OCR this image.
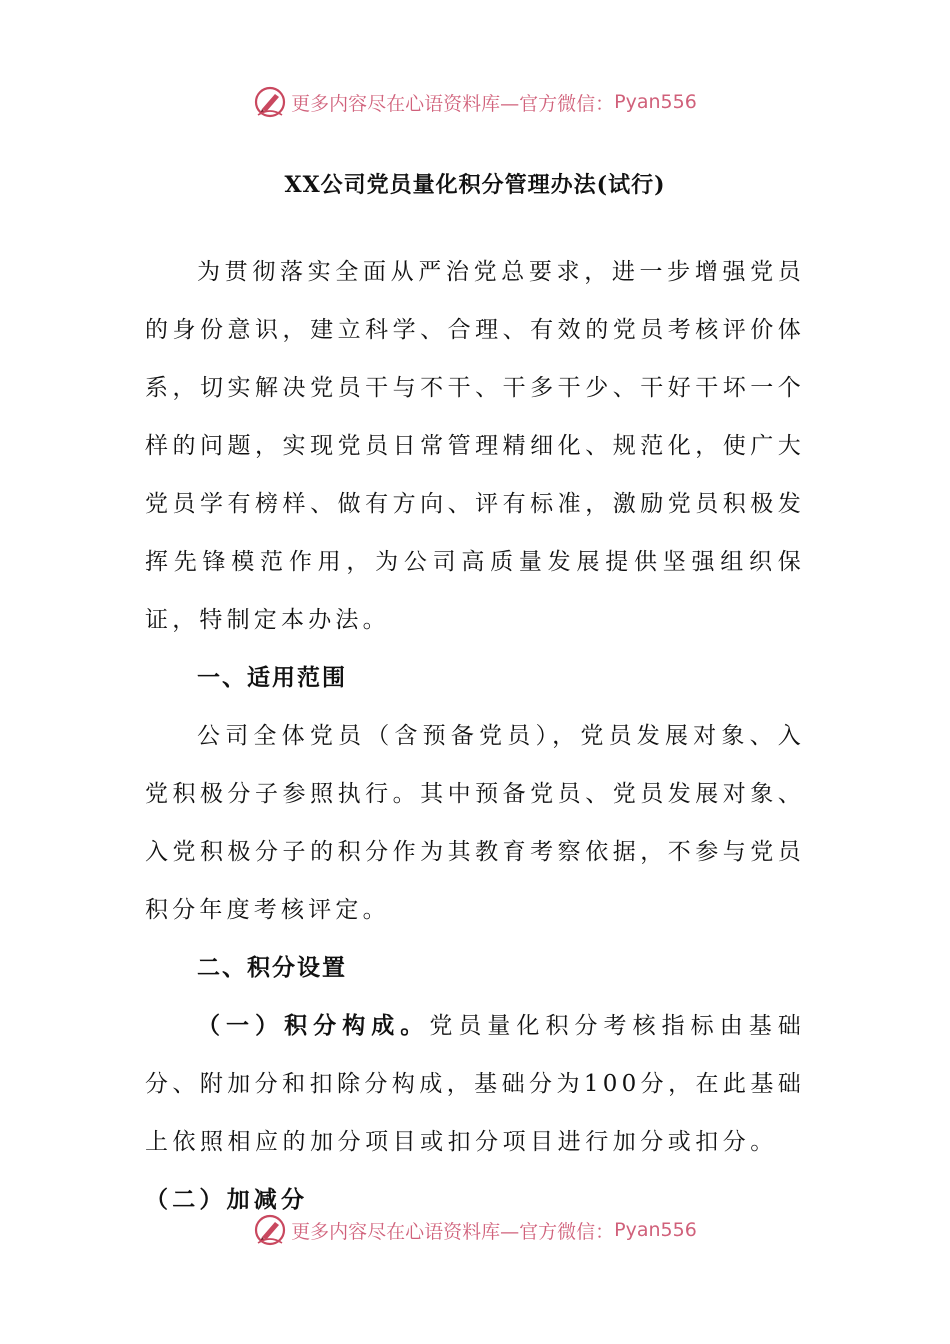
更多内容尽在心语资料库—官方微信： Pyan556
XX公司党员量化积分管理办法(试行)

为贯彻落实全面从严治党总要求，进一步增强党员的身份意识，建立科学、合理、有效的党员考核评价体系，切实解决党员干与不干、干多干少、干好干坏一个样的问题，实现党员日常管理精细化、规范化，使广大党员学有榜样、做有方向、评有标准，激励党员积极发挥先锋模范作用，为公司高质量发展提供坚强组织保证，特制定本办法。

一、适用范围

公司全体党员（含预备党员），党员发展对象、入党积极分子参照执行。其中预备党员、党员发展对象、入党积极分子的积分作为其教育考察依据，不参与党员积分年度考核评定。

二、积分设置

（一）积分构成。党员量化积分考核指标由基础分、附加分和扣除分构成，基础分为100分，在此基础上依照相应的加分项目或扣分项目进行加分或扣分。 （二）加减分

更多内容尽在心语资料库—官方微信： Pyan556
